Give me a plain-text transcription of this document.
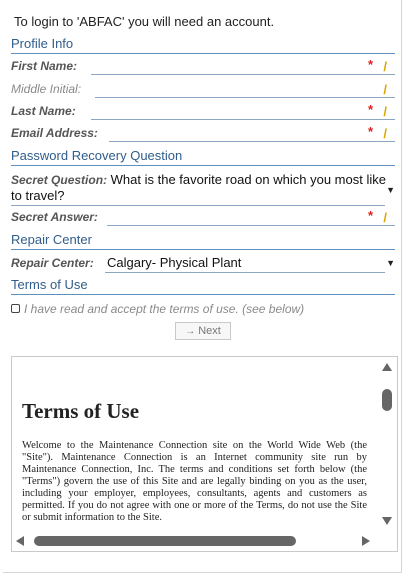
To login to 'ABFAC' you will need an account.
Profile Info
First Name:	* /
Middle Initial:	/
Last Name:	* /
Email Address:	* /
Password Recovery Question
Secret Question: What is the favorite road on which you most like to travel?	▼
Secret Answer:	* /
Repair Center
Repair Center: Calgary- Physical Plant	▼
Terms of Use
I have read and accept the terms of use. (see below)
→ Next
Terms of Use

Welcome to the Maintenance Connection site on the World Wide Web (the "Site"). Maintenance Connection is an Internet community site run by Maintenance Connection, Inc. The terms and conditions set forth below (the "Terms") govern the use of this Site and are legally binding on you as the user, including your employer, employees, consultants, agents and customers as permitted. If you do not agree with one or more of the Terms, do not use the Site or submit information to the Site.
